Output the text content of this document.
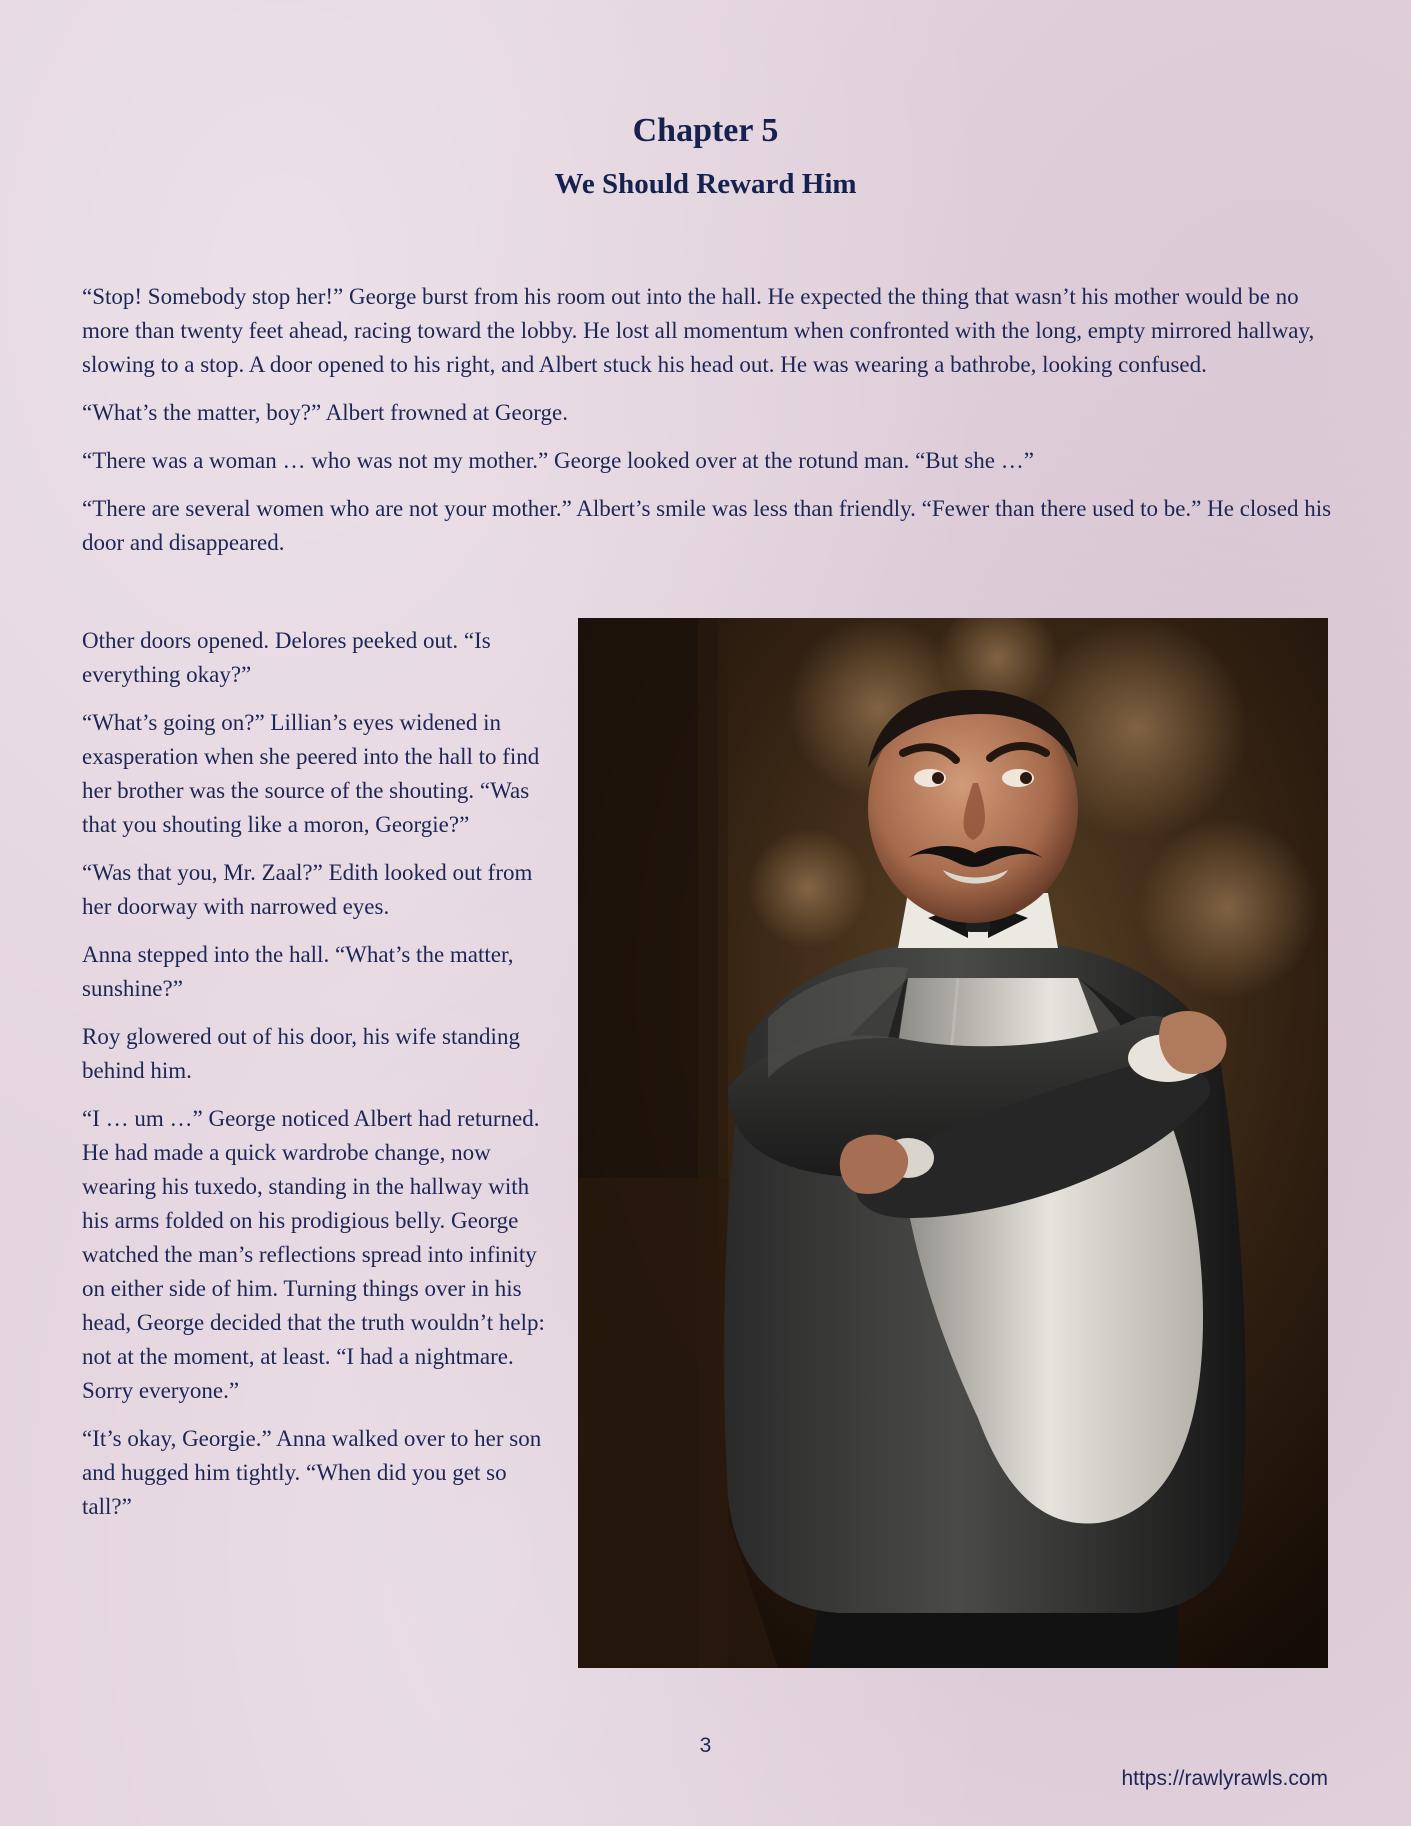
Chapter 5
We Should Reward Him

“Stop! Somebody stop her!” George burst from his room out into the hall. He expected the thing that wasn’t his mother would be no more than twenty feet ahead, racing toward the lobby. He lost all momentum when confronted with the long, empty mirrored hallway, slowing to a stop. A door opened to his right, and Albert stuck his head out. He was wearing a bathrobe, looking confused.

“What’s the matter, boy?” Albert frowned at George.

“There was a woman … who was not my mother.” George looked over at the rotund man. “But she …”

“There are several women who are not your mother.” Albert’s smile was less than friendly. “Fewer than there used to be.” He closed his door and disappeared.

Other doors opened. Delores peeked out. “Is everything okay?”

“What’s going on?” Lillian’s eyes widened in exasperation when she peered into the hall to find her brother was the source of the shouting. “Was that you shouting like a moron, Georgie?”

“Was that you, Mr. Zaal?” Edith looked out from her doorway with narrowed eyes.

Anna stepped into the hall. “What’s the matter, sunshine?”

Roy glowered out of his door, his wife standing behind him.

“I … um …” George noticed Albert had returned. He had made a quick wardrobe change, now wearing his tuxedo, standing in the hallway with his arms folded on his prodigious belly. George watched the man’s reflections spread into infinity on either side of him. Turning things over in his head, George decided that the truth wouldn’t help: not at the moment, at least. “I had a nightmare. Sorry everyone.”

“It’s okay, Georgie.” Anna walked over to her son and hugged him tightly. “When did you get so tall?”

3
https://rawlyrawls.com
